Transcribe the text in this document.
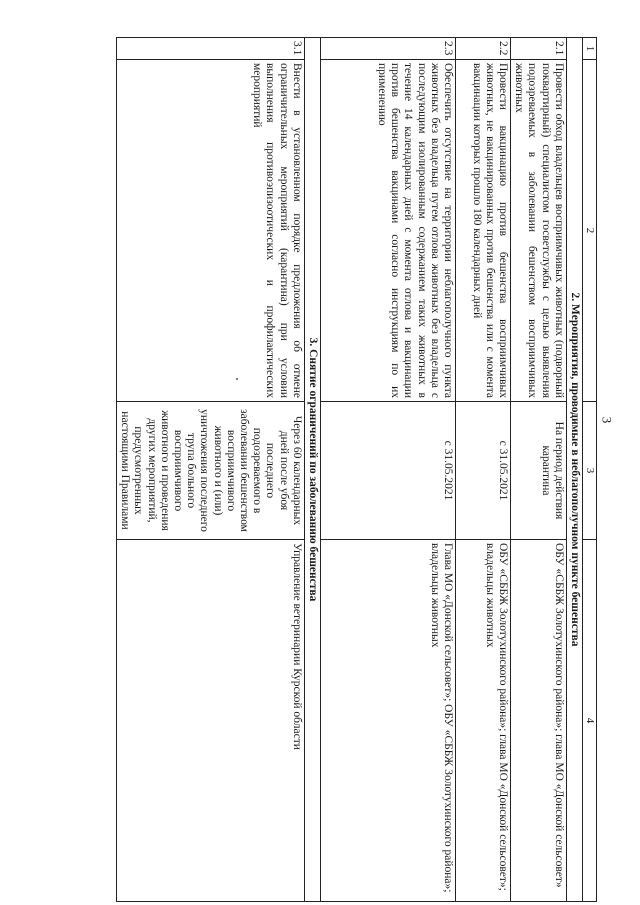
3
1	2	3	4
2. Мероприятия, проводимые в неблагополучном пункте бешенства			
2.1	Провести обход владельцев восприимчивых животных (подворный поквартирный) специалистом госветслужбы с целью выявления подозреваемых в заболевании бешенством восприимчивых животных	На период действия карантина	ОБУ «СББЖ Золотухинского района»; глава МО «Донской сельсовет»
2.2	Провести вакцинацию против бешенства восприимчивых животных, не вакцинированных против бешенства или с момента вакцинации которых прошло 180 календарных дней	с 31.05.2021	ОБУ «СББЖ Золотухинского района»; глава МО «Донской сельсовет»; владельцы животных
2.3	Обеспечить отсутствие на территории неблагополучного пункта животных без владельца путем отлова животных без владельца с последующим изолированным содержанием таких животных в течение 14 календарных дней с момента отлова и вакцинации против бешенства вакцинами согласно инструкциям по их применению	с 31.05.2021	Глава МО «Донской сельсовет»; ОБУ «СББЖ Золотухинского района»; владельцы животных
3. Снятие ограничений по заболеванию бешенства			
3.1	Внести в установленном порядке предложения об отмене ограничительных мероприятий (карантина) при условии выполнения противоэпизоотических и профилактических мероприятий	Через 60 календарных дней после убоя последнего подозреваемого в заболевании бешенством восприимчивого животного и (или) уничтожения последнего трупа больного восприимчивого животного и проведения других мероприятий, предусмотренных настоящими Правилами	Управление ветеринарии Курской области
